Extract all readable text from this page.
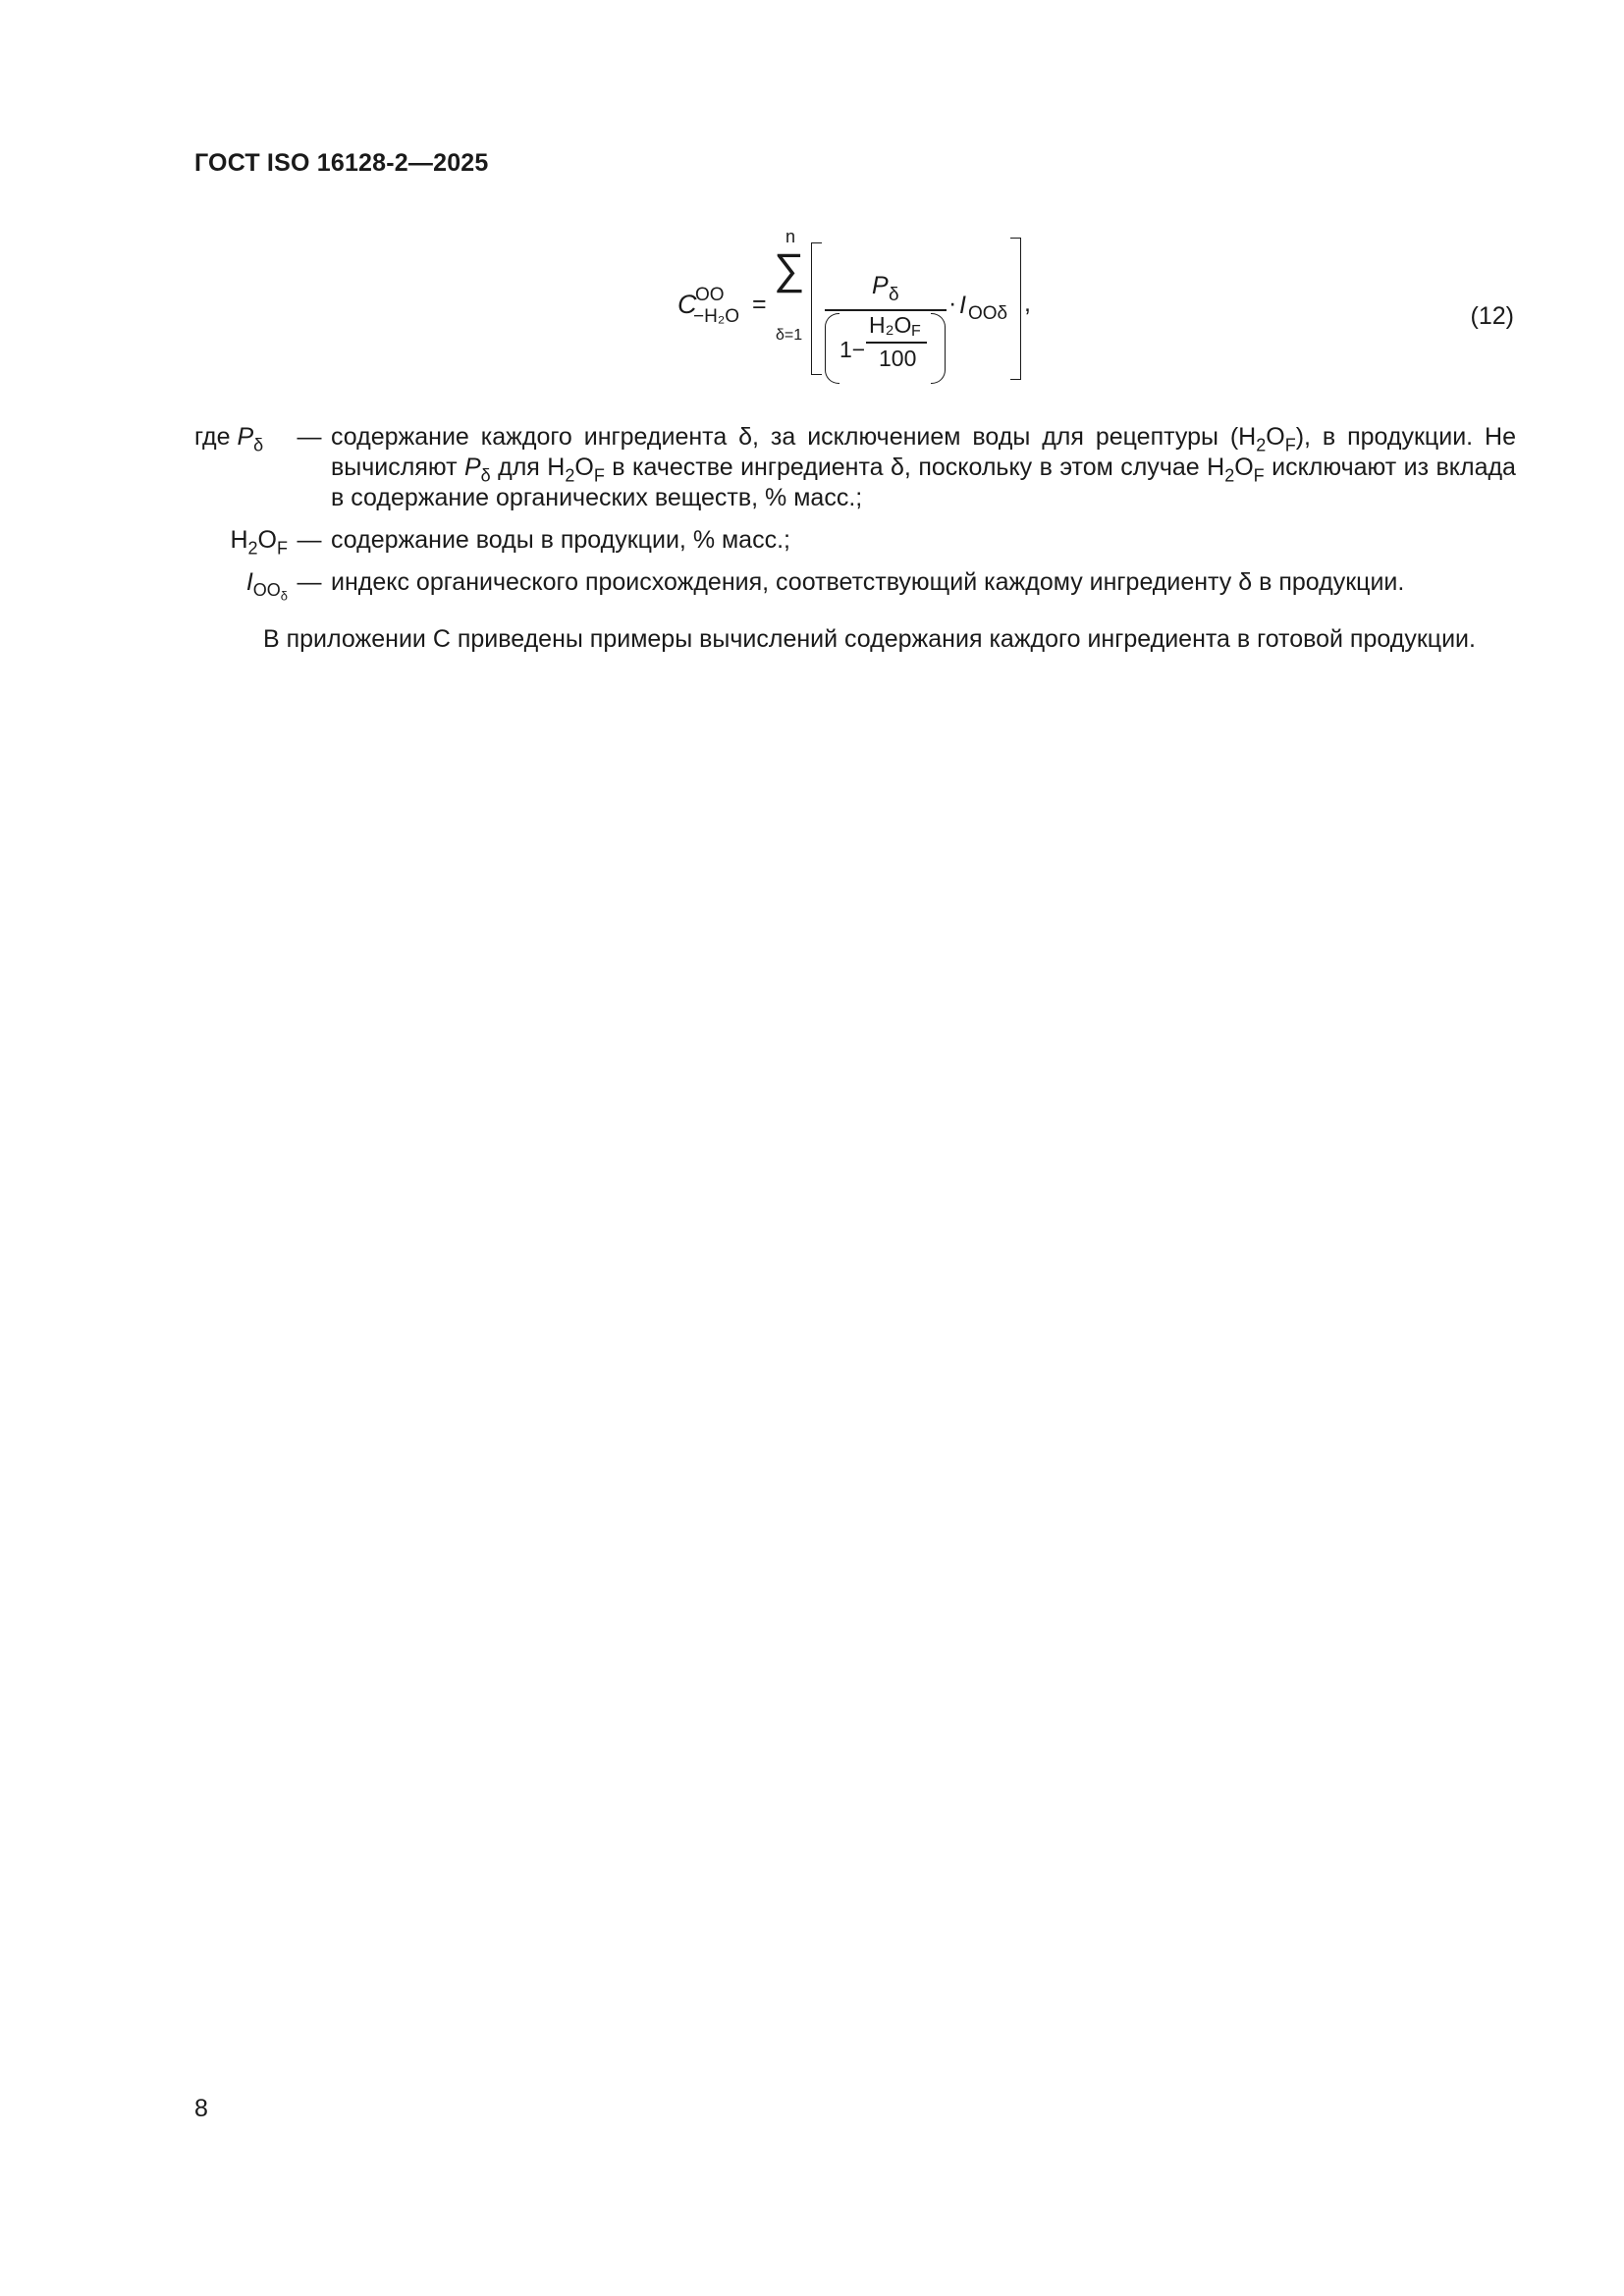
ГОСТ ISO 16128-2—2025
C
OO
−H₂O =
n
∑
δ=1
P δ
1−
H₂O F
100
· I OOδ ,	(12)
где $P_\delta$	— содержание каждого ингредиента δ, за исключением воды для рецептуры $(H_2O_F)$, в продукции. Не вычисляют $P_\delta$ для $H_2O_F$ в качестве ингредиента δ, поскольку в этом случае $H_2O_F$ исключают из вклада в содержание органических веществ, % масс.;
$H_2O_F$ — содержание воды в продукции, % масс.;
$I_{OO_\delta}$
— индекс органического происхождения, соответствующий каждому ингредиенту δ в продукции.
В приложении С приведены примеры вычислений содержания каждого ингредиента в готовой продукции.
8
